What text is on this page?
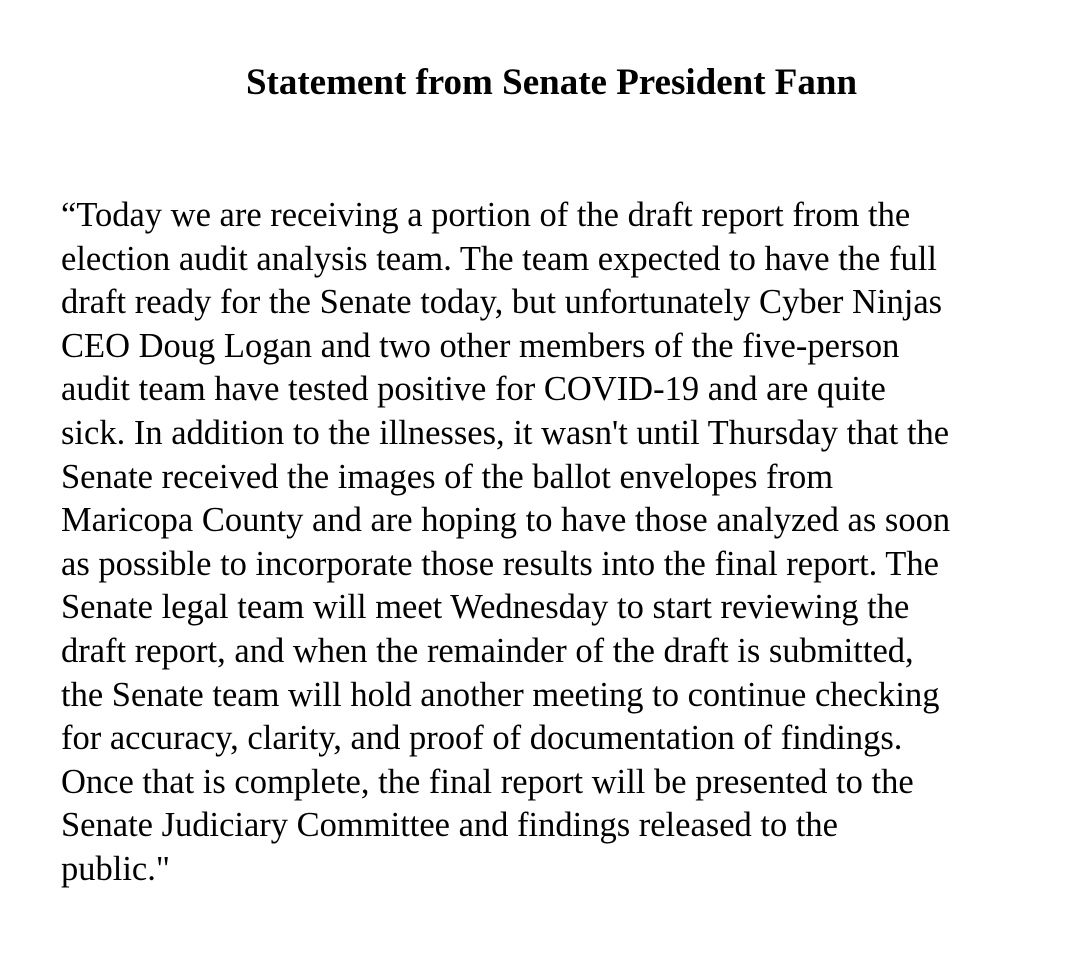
Statement from Senate President Fann
“Today we are receiving a portion of the draft report from the
election audit analysis team. The team expected to have the full
draft ready for the Senate today, but unfortunately Cyber Ninjas
CEO Doug Logan and two other members of the five-person
audit team have tested positive for COVID-19 and are quite
sick. In addition to the illnesses, it wasn't until Thursday that the
Senate received the images of the ballot envelopes from
Maricopa County and are hoping to have those analyzed as soon
as possible to incorporate those results into the final report. The
Senate legal team will meet Wednesday to start reviewing the
draft report, and when the remainder of the draft is submitted,
the Senate team will hold another meeting to continue checking
for accuracy, clarity, and proof of documentation of findings.
Once that is complete, the final report will be presented to the
Senate Judiciary Committee and findings released to the
public."
